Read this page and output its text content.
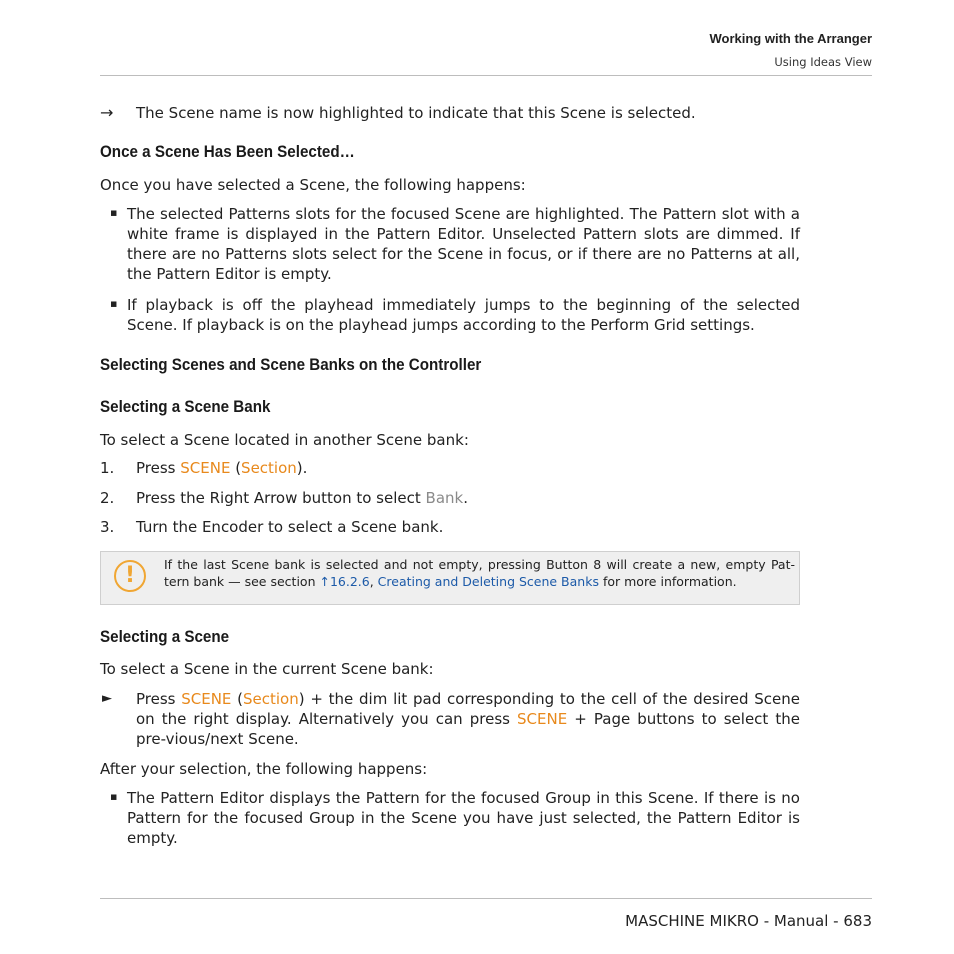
Working with the Arranger
Using Ideas View
→ The Scene name is now highlighted to indicate that this Scene is selected.
Once a Scene Has Been Selected…
Once you have selected a Scene, the following happens:
▪ The selected Patterns slots for the focused Scene are highlighted. The Pattern slot with a white frame is displayed in the Pattern Editor. Unselected Pattern slots are dimmed. If there are no Patterns slots select for the Scene in focus, or if there are no Patterns at all, the Pattern Editor is empty.
▪ If playback is off the playhead immediately jumps to the beginning of the selected Scene. If playback is on the playhead jumps according to the Perform Grid settings.
Selecting Scenes and Scene Banks on the Controller
Selecting a Scene Bank
To select a Scene located in another Scene bank:
1. Press SCENE (Section).
2. Press the Right Arrow button to select Bank.
3. Turn the Encoder to select a Scene bank.
!	If the last Scene bank is selected and not empty, pressing Button 8 will create a new, empty Pat-tern bank — see section ↑16.2.6, Creating and Deleting Scene Banks for more information.
Selecting a Scene
To select a Scene in the current Scene bank:
► Press SCENE (Section) + the dim lit pad corresponding to the cell of the desired Scene on the right display. Alternatively you can press SCENE + Page buttons to select the pre-vious/next Scene.
After your selection, the following happens:
▪ The Pattern Editor displays the Pattern for the focused Group in this Scene. If there is no Pattern for the focused Group in the Scene you have just selected, the Pattern Editor is empty.
MASCHINE MIKRO - Manual - 683
